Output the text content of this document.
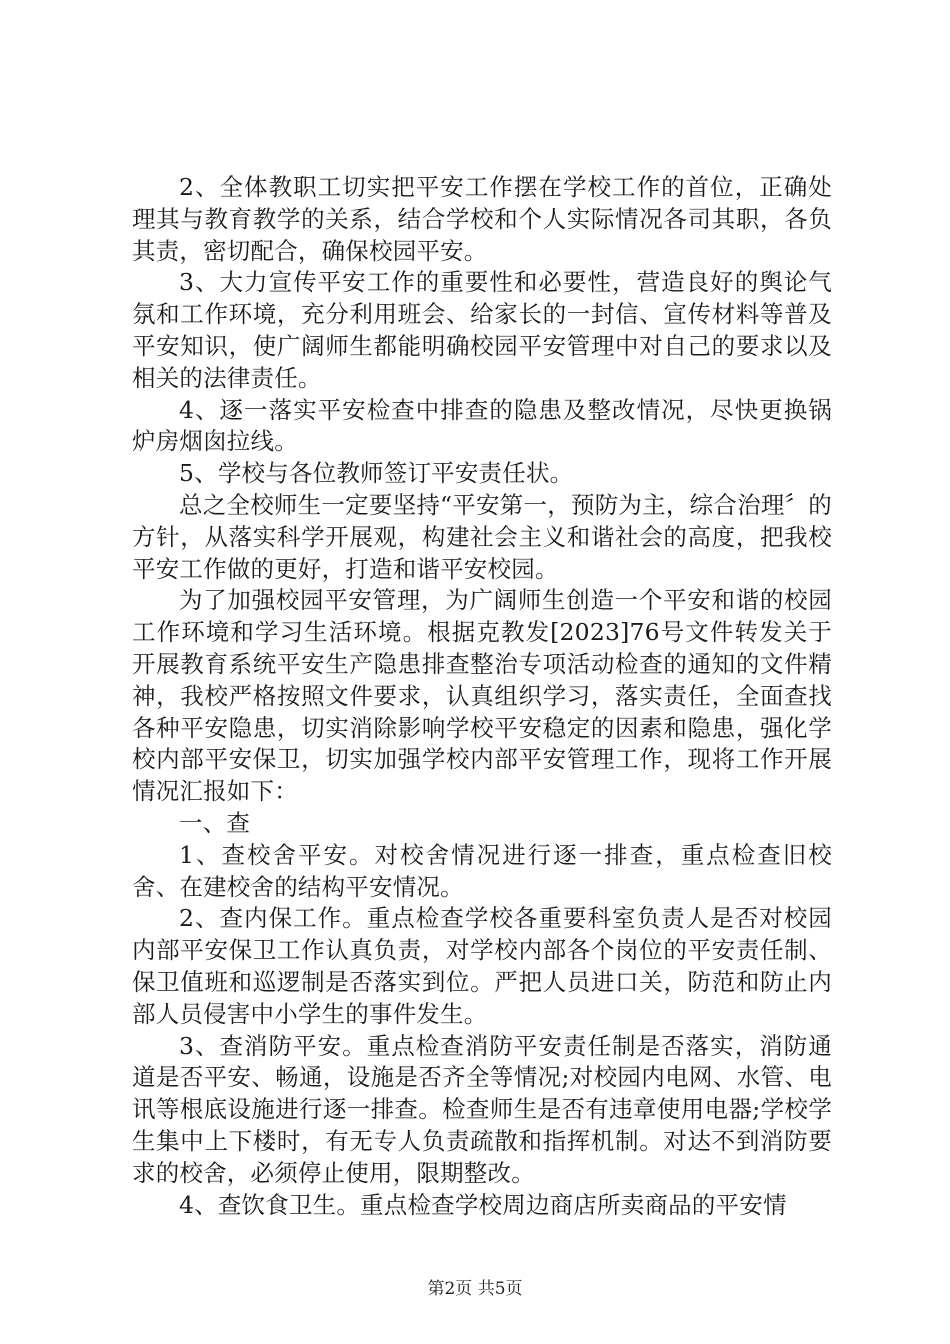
2、全体教职工切实把平安工作摆在学校工作的首位，正确处理其与教育教学的关系，结合学校和个人实际情况各司其职，各负其责，密切配合，确保校园平安。

3、大力宣传平安工作的重要性和必要性，营造良好的舆论气氛和工作环境，充分利用班会、给家长的一封信、宣传材料等普及平安知识，使广阔师生都能明确校园平安管理中对自己的要求以及相关的法律责任。

4、逐一落实平安检查中排查的隐患及整改情况，尽快更换锅炉房烟囱拉线。

5、学校与各位教师签订平安责任状。

总之全校师生一定要坚持“平安第一，预防为主，综合治理〞的方针，从落实科学开展观，构建社会主义和谐社会的高度，把我校平安工作做的更好，打造和谐平安校园。

为了加强校园平安管理，为广阔师生创造一个平安和谐的校园工作环境和学习生活环境。根据克教发[2023]76号文件转发关于开展教育系统平安生产隐患排查整治专项活动检查的通知的文件精神，我校严格按照文件要求，认真组织学习，落实责任，全面查找各种平安隐患，切实消除影响学校平安稳定的因素和隐患，强化学校内部平安保卫，切实加强学校内部平安管理工作，现将工作开展情况汇报如下：

一、查

1、查校舍平安。对校舍情况进行逐一排查，重点检查旧校舍、在建校舍的结构平安情况。

2、查内保工作。重点检查学校各重要科室负责人是否对校园内部平安保卫工作认真负责，对学校内部各个岗位的平安责任制、保卫值班和巡逻制是否落实到位。严把人员进口关，防范和防止内部人员侵害中小学生的事件发生。

3、查消防平安。重点检查消防平安责任制是否落实，消防通道是否平安、畅通，设施是否齐全等情况;对校园内电网、水管、电讯等根底设施进行逐一排查。检查师生是否有违章使用电器;学校学生集中上下楼时，有无专人负责疏散和指挥机制。对达不到消防要求的校舍，必须停止使用，限期整改。

4、查饮食卫生。重点检查学校周边商店所卖商品的平安情

第2页 共5页
